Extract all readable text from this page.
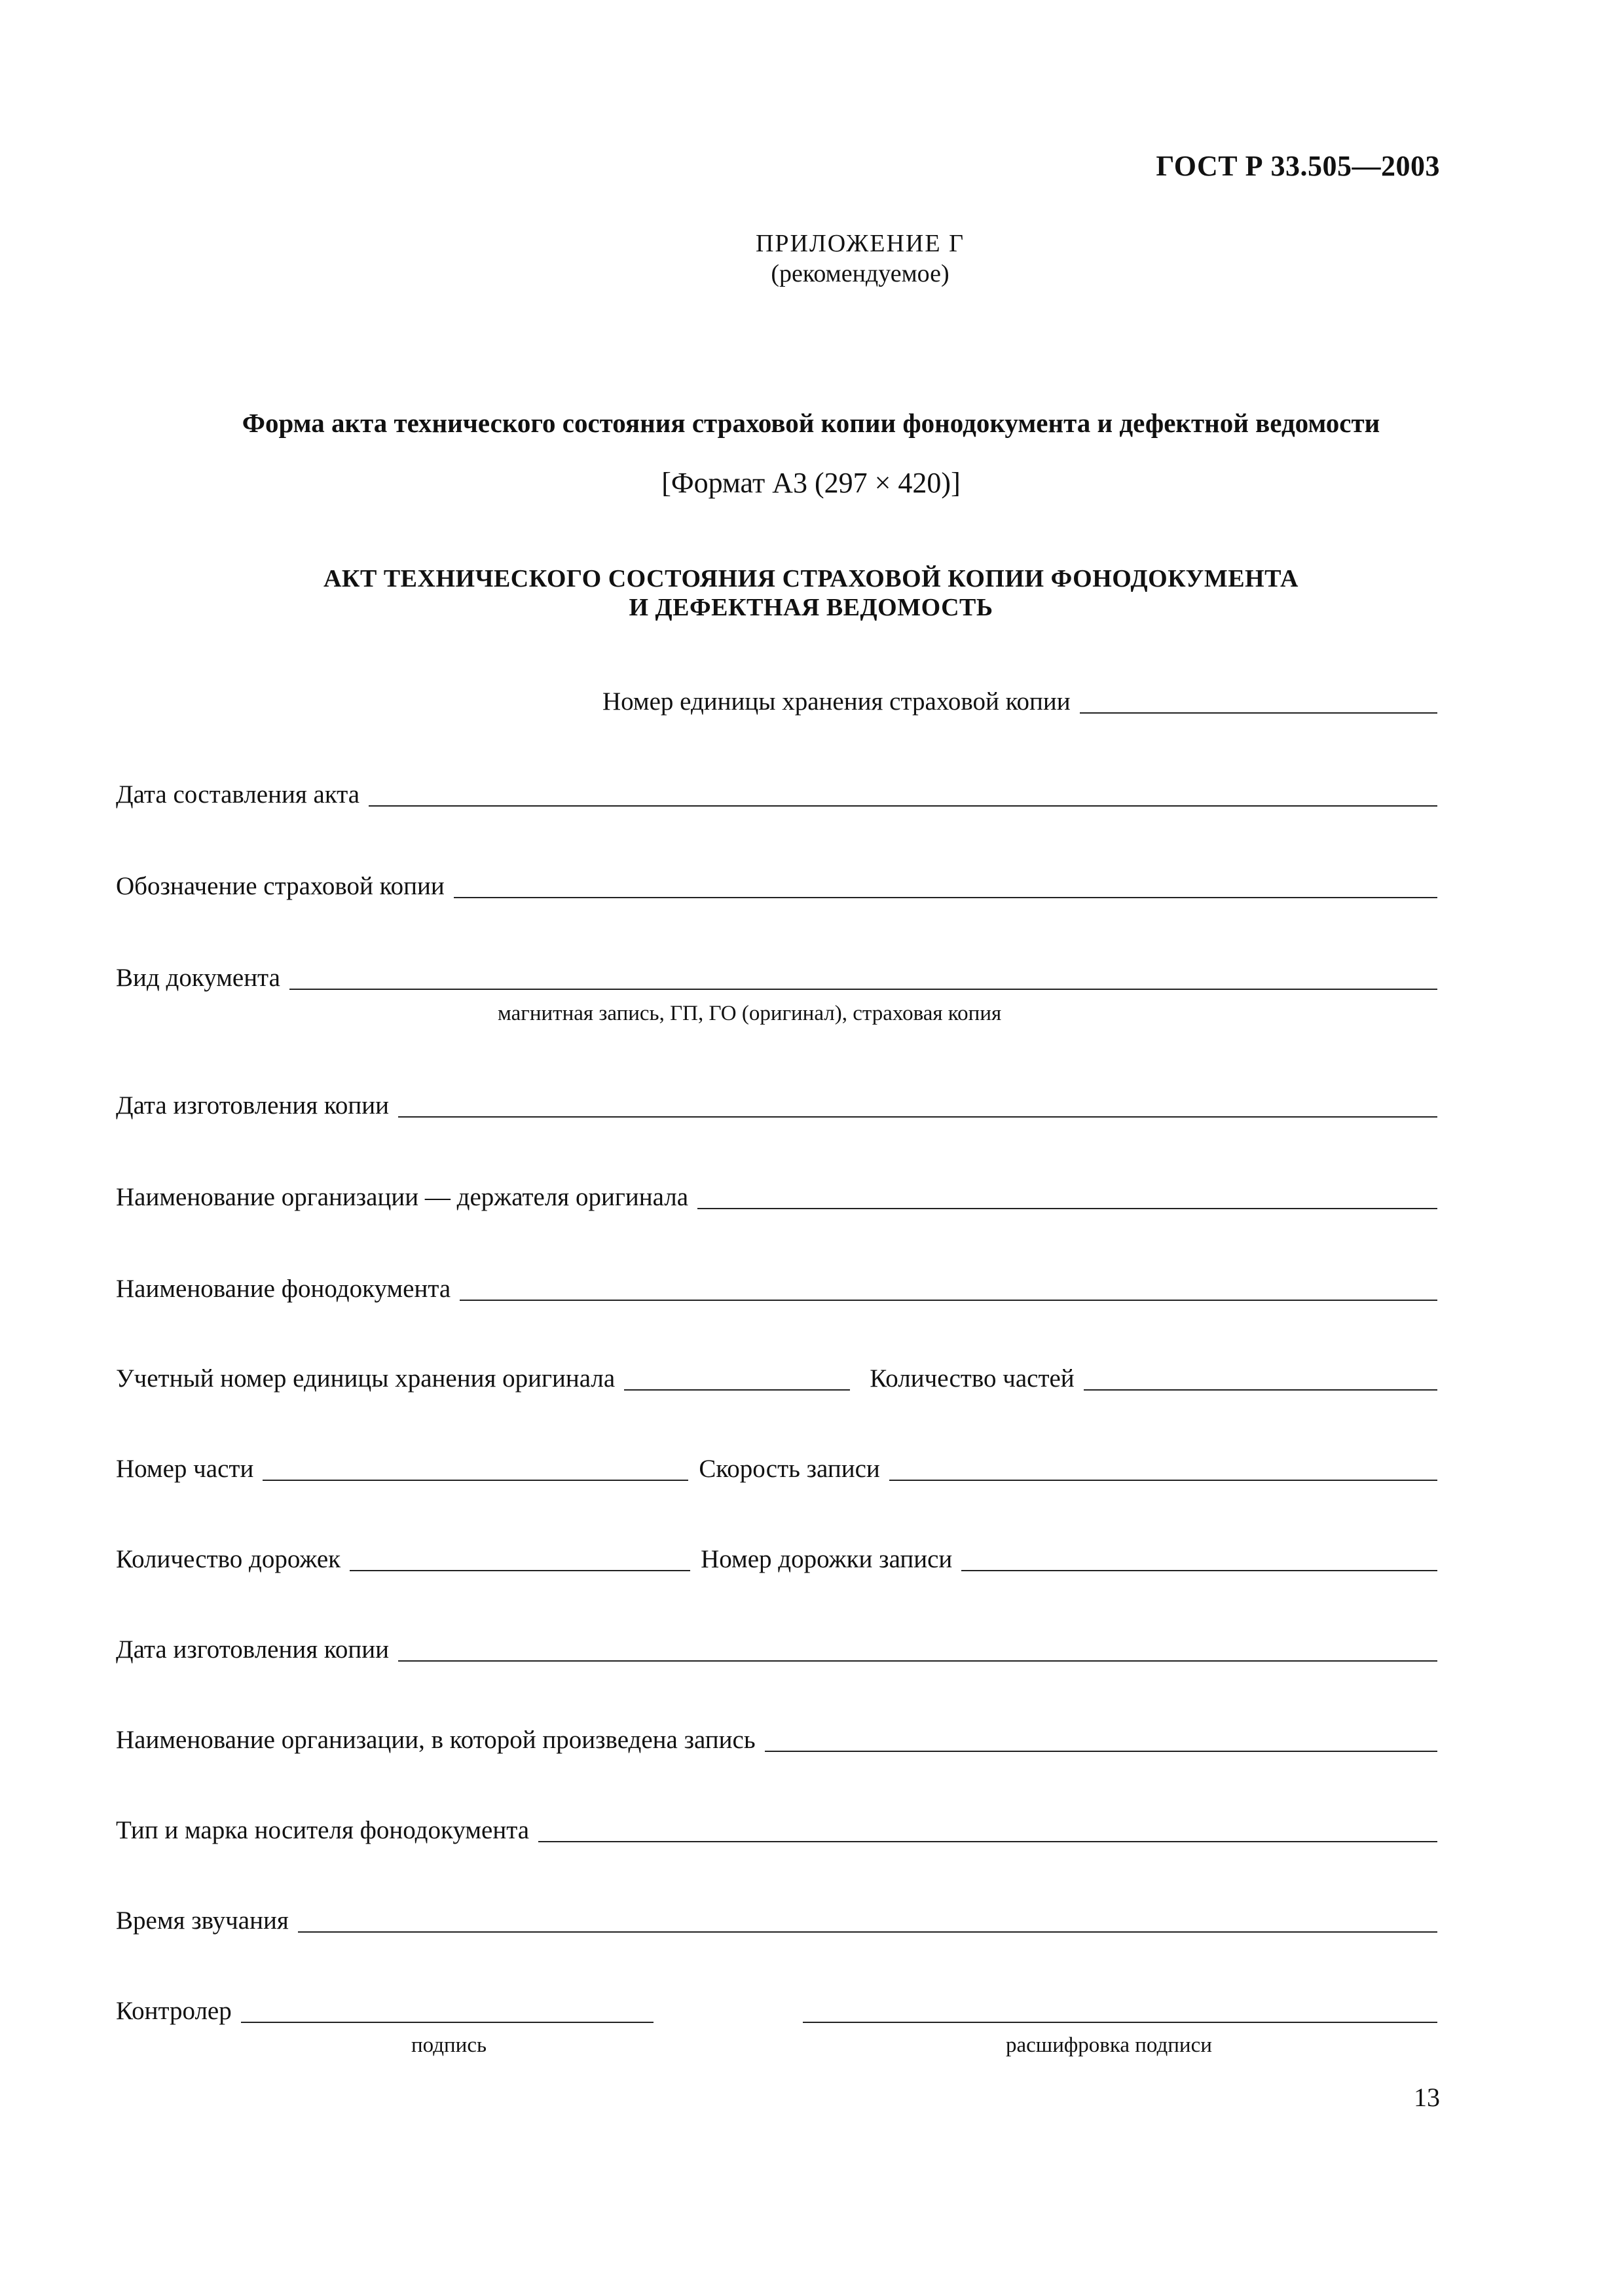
ГОСТ Р 33.505—2003
ПРИЛОЖЕНИЕ Г
(рекомендуемое)
Форма акта технического состояния страховой копии фонодокумента и дефектной ведомости
[Формат А3 (297 × 420)]
АКТ ТЕХНИЧЕСКОГО СОСТОЯНИЯ СТРАХОВОЙ КОПИИ ФОНОДОКУМЕНТА
И ДЕФЕКТНАЯ ВЕДОМОСТЬ
Номер единицы хранения страховой копии
Дата составления акта
Обозначение страховой копии
Вид документа
магнитная запись, ГП, ГО (оригинал), страховая копия
Дата изготовления копии
Наименование организации — держателя оригинала
Наименование фонодокумента
Учетный номер единицы хранения оригинала	Количество частей
Номер части	Скорость записи
Количество дорожек	Номер дорожки записи
Дата изготовления копии
Наименование организации, в которой произведена запись
Тип и марка носителя фонодокумента
Время звучания
Контролер
подпись	расшифровка подписи
13
